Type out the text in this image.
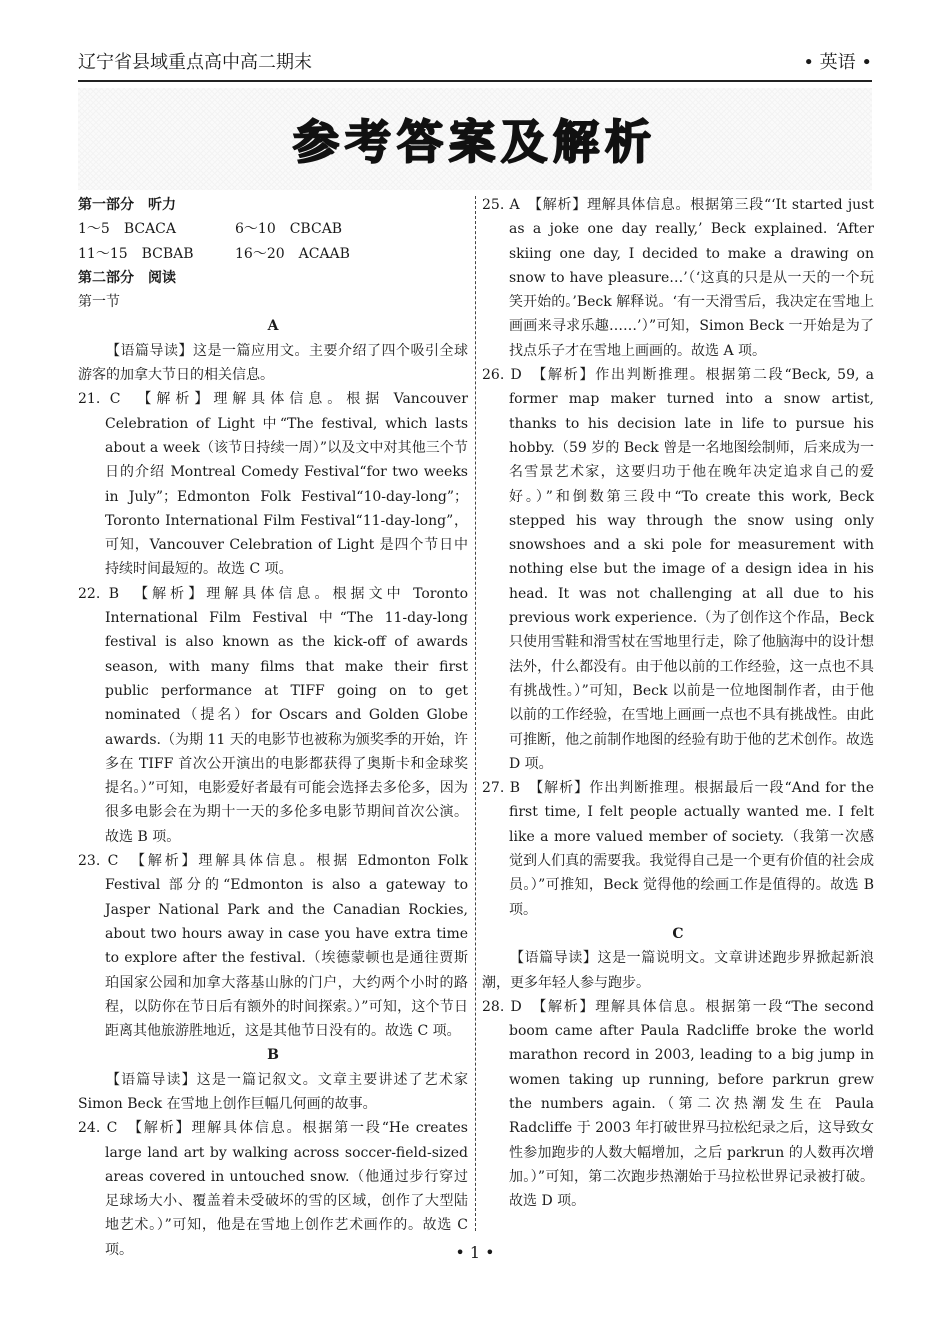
辽宁省县域重点高中高二期末	• 英语 •
参考答案及解析

第一部分　听力

1～5　BCACA	6～10　CBCAB
11～15　BCBAB	16～20　ACAAB

第二部分　阅读

第一节

A

【语篇导读】这是一篇应用文。主要介绍了四个吸引全球游客的加拿大节日的相关信息。

21. C　【解析】理解具体信息。根据 Vancouver Celebration of Light 中“The festival, which lasts about a week（该节日持续一周）”以及文中对其他三个节日的介绍 Montreal Comedy Festival“for two weeks in July”；Edmonton Folk Festival“10-day-long”；Toronto International Film Festival“11-day-long”，可知，Vancouver Celebration of Light 是四个节日中持续时间最短的。故选 C 项。

22. B　【解析】理解具体信息。根据文中 Toronto International Film Festival 中“The 11-day-long festival is also known as the kick-off of awards season, with many films that make their first public performance at TIFF going on to get nominated（提名）for Oscars and Golden Globe awards.（为期 11 天的电影节也被称为颁奖季的开始，许多在 TIFF 首次公开演出的电影都获得了奥斯卡和金球奖提名。）”可知，电影爱好者最有可能会选择去多伦多，因为很多电影会在为期十一天的多伦多电影节期间首次公演。故选 B 项。

23. C　【解析】理解具体信息。根据 Edmonton Folk Festival 部分的“Edmonton is also a gateway to Jasper National Park and the Canadian Rockies, about two hours away in case you have extra time to explore after the festival.（埃德蒙顿也是通往贾斯珀国家公园和加拿大落基山脉的门户，大约两个小时的路程，以防你在节日后有额外的时间探索。）”可知，这个节日距离其他旅游胜地近，这是其他节日没有的。故选 C 项。

B

【语篇导读】这是一篇记叙文。文章主要讲述了艺术家 Simon Beck 在雪地上创作巨幅几何画的故事。

24. C　【解析】理解具体信息。根据第一段“He creates large land art by walking across soccer-field-sized areas covered in untouched snow.（他通过步行穿过足球场大小、覆盖着未受破坏的雪的区域，创作了大型陆地艺术。）”可知，他是在雪地上创作艺术画作的。故选 C 项。

25. A　【解析】理解具体信息。根据第三段“‘It started just as a joke one day really,’ Beck explained. ‘After skiing one day, I decided to make a drawing on snow to have pleasure…’（‘这真的只是从一天的一个玩笑开始的。’Beck 解释说。‘有一天滑雪后，我决定在雪地上画画来寻求乐趣……’）”可知，Simon Beck 一开始是为了找点乐子才在雪地上画画的。故选 A 项。

26. D　【解析】作出判断推理。根据第二段“Beck, 59, a former map maker turned into a snow artist, thanks to his decision late in life to pursue his hobby.（59 岁的 Beck 曾是一名地图绘制师，后来成为一名雪景艺术家，这要归功于他在晚年决定追求自己的爱好。）”和倒数第三段中“To create this work, Beck stepped his way through the snow using only snowshoes and a ski pole for measurement with nothing else but the image of a design idea in his head. It was not challenging at all due to his previous work experience.（为了创作这个作品，Beck 只使用雪鞋和滑雪杖在雪地里行走，除了他脑海中的设计想法外，什么都没有。由于他以前的工作经验，这一点也不具有挑战性。）”可知，Beck 以前是一位地图制作者，由于他以前的工作经验，在雪地上画画一点也不具有挑战性。由此可推断，他之前制作地图的经验有助于他的艺术创作。故选 D 项。

27. B　【解析】作出判断推理。根据最后一段“And for the first time, I felt people actually wanted me. I felt like a more valued member of society.（我第一次感觉到人们真的需要我。我觉得自己是一个更有价值的社会成员。）”可推知，Beck 觉得他的绘画工作是值得的。故选 B 项。

C

【语篇导读】这是一篇说明文。文章讲述跑步界掀起新浪潮，更多年轻人参与跑步。

28. D　【解析】理解具体信息。根据第一段“The second boom came after Paula Radcliffe broke the world marathon record in 2003, leading to a big jump in women taking up running, before parkrun grew the numbers again.（第二次热潮发生在 Paula Radcliffe 于 2003 年打破世界马拉松纪录之后，这导致女性参加跑步的人数大幅增加，之后 parkrun 的人数再次增加。）”可知，第二次跑步热潮始于马拉松世界记录被打破。故选 D 项。

• 1 •
